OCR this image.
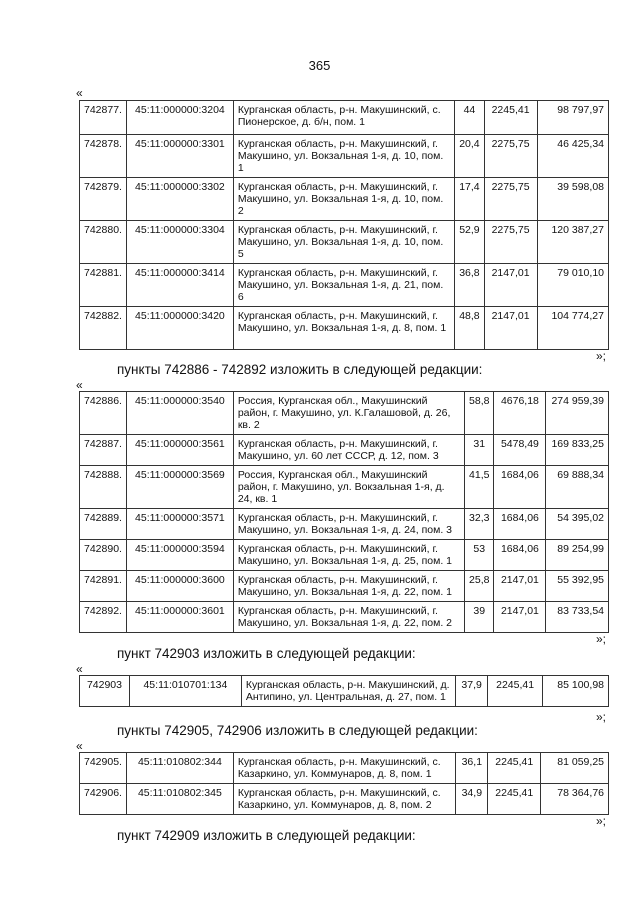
365
«
742877.	45:11:000000:3204	Курганская область, р-н. Макушинский, с. Пионерское, д. б/н, пом. 1	44	2245,41	98 797,97
742878.	45:11:000000:3301	Курганская область, р-н. Макушинский, г. Макушино, ул. Вокзальная 1-я, д. 10, пом. 1	20,4	2275,75	46 425,34
742879.	45:11:000000:3302	Курганская область, р-н. Макушинский, г. Макушино, ул. Вокзальная 1-я, д. 10, пом. 2	17,4	2275,75	39 598,08
742880.	45:11:000000:3304	Курганская область, р-н. Макушинский, г. Макушино, ул. Вокзальная 1-я, д. 10, пом. 5	52,9	2275,75	120 387,27
742881.	45:11:000000:3414	Курганская область, р-н. Макушинский, г. Макушино, ул. Вокзальная 1-я, д. 21, пом. 6	36,8	2147,01	79 010,10
742882.	45:11:000000:3420	Курганская область, р-н. Макушинский, г. Макушино, ул. Вокзальная 1-я, д. 8, пом. 1	48,8	2147,01	104 774,27
»;
пункты 742886 - 742892 изложить в следующей редакции:
«
742886.	45:11:000000:3540	Россия, Курганская обл., Макушинский район, г. Макушино, ул. К.Галашовой, д. 26, кв. 2	58,8	4676,18	274 959,39
742887.	45:11:000000:3561	Курганская область, р-н. Макушинский, г. Макушино, ул. 60 лет СССР, д. 12, пом. 3	31	5478,49	169 833,25
742888.	45:11:000000:3569	Россия, Курганская обл., Макушинский район, г. Макушино, ул. Вокзальная 1-я, д. 24, кв. 1	41,5	1684,06	69 888,34
742889.	45:11:000000:3571	Курганская область, р-н. Макушинский, г. Макушино, ул. Вокзальная 1-я, д. 24, пом. 3	32,3	1684,06	54 395,02
742890.	45:11:000000:3594	Курганская область, р-н. Макушинский, г. Макушино, ул. Вокзальная 1-я, д. 25, пом. 1	53	1684,06	89 254,99
742891.	45:11:000000:3600	Курганская область, р-н. Макушинский, г. Макушино, ул. Вокзальная 1-я, д. 22, пом. 1	25,8	2147,01	55 392,95
742892.	45:11:000000:3601	Курганская область, р-н. Макушинский, г. Макушино, ул. Вокзальная 1-я, д. 22, пом. 2	39	2147,01	83 733,54
»;
пункт 742903 изложить в следующей редакции:
«
742903	45:11:010701:134	Курганская область, р-н. Макушинский, д. Антипино, ул. Центральная, д. 27, пом. 1	37,9	2245,41	85 100,98
»;
пункты 742905, 742906 изложить в следующей редакции:
«
742905.	45:11:010802:344	Курганская область, р-н. Макушинский, с. Казаркино, ул. Коммунаров, д. 8, пом. 1	36,1	2245,41	81 059,25
742906.	45:11:010802:345	Курганская область, р-н. Макушинский, с. Казаркино, ул. Коммунаров, д. 8, пом. 2	34,9	2245,41	78 364,76
»;
пункт 742909 изложить в следующей редакции:
